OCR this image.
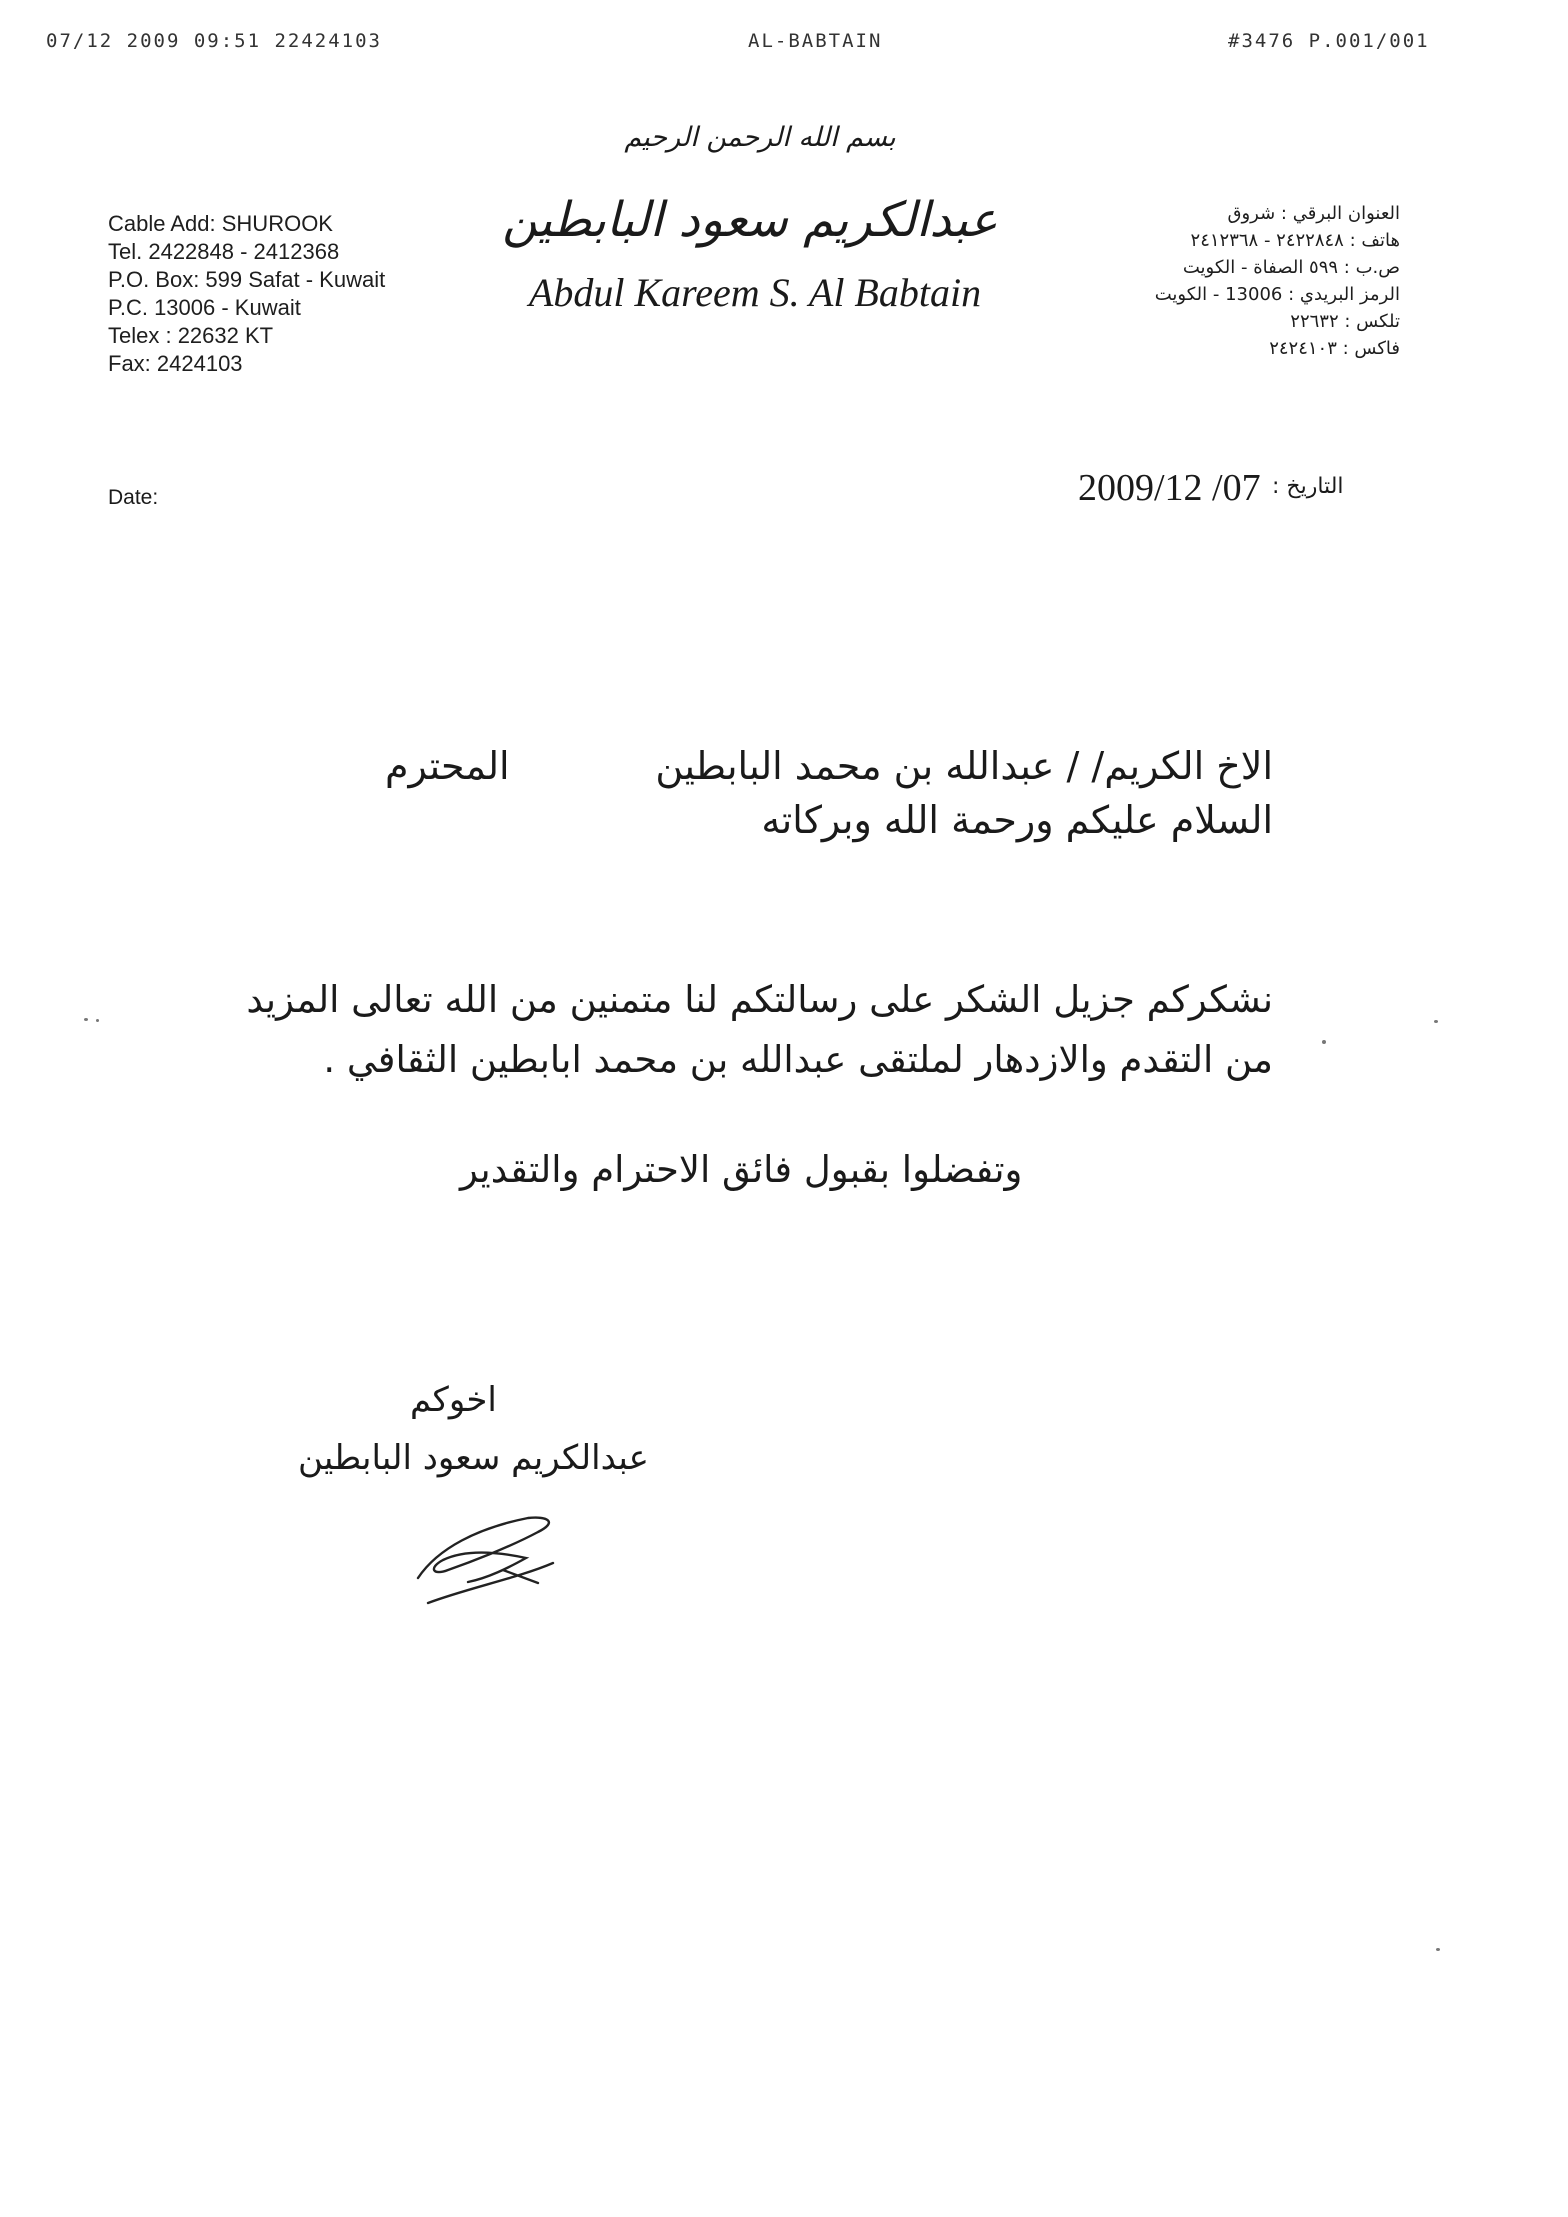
07/12 2009 09:51 22424103	AL-BABTAIN	#3476 P.001/001
بسم الله الرحمن الرحيم
Cable Add: SHUROOK
Tel. 2422848 - 2412368
P.O. Box: 599 Safat - Kuwait
P.C. 13006 - Kuwait
Telex : 22632 KT
Fax: 2424103
عبدالكريم سعود البابطين
Abdul Kareem S. Al Babtain
العنوان البرقي : شروق
هاتف : ٢٤٢٢٨٤٨ - ٢٤١٢٣٦٨
ص.ب : ٥٩٩ الصفاة - الكويت
الرمز البريدي : 13006 - الكويت
تلكس : ٢٢٦٣٢
فاكس : ٢٤٢٤١٠٣
Date:	2009/12 /07 التاريخ :
الاخ الكريم/ / عبدالله بن محمد البابطين
المحترم
السلام عليكم ورحمة الله وبركاته
نشكركم جزيل الشكر على رسالتكم لنا متمنين من الله تعالى المزيد
من التقدم والازدهار لملتقى عبدالله بن محمد ابابطين الثقافي .
وتفضلوا بقبول فائق الاحترام والتقدير
اخوكم
عبدالكريم سعود البابطين
